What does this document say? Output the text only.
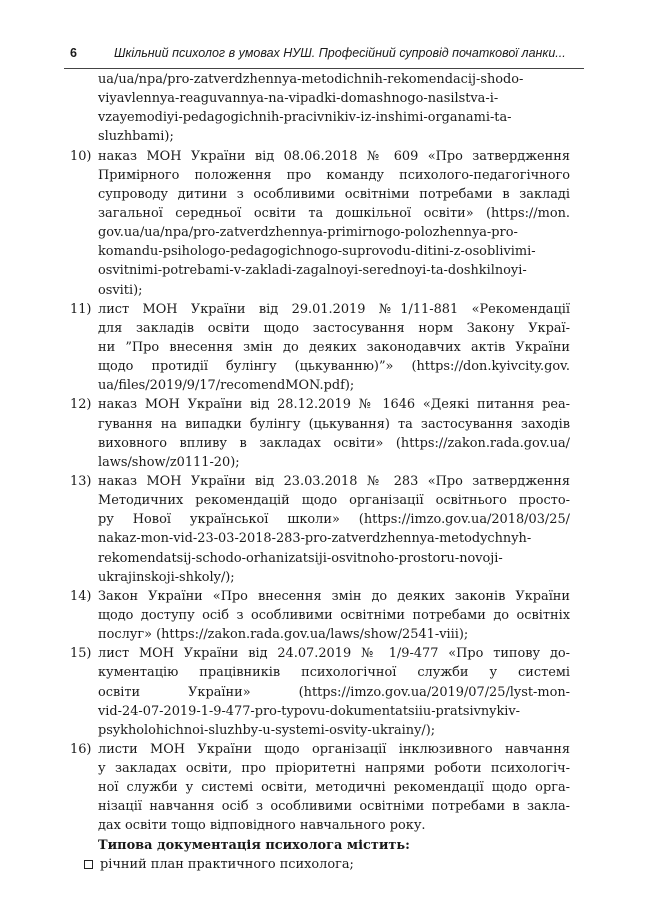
6	Шкільний психолог в умовах НУШ. Професійний супровід початкової ланки...
ua/ua/npa/pro-zatverdzhennya-metodichnih-rekomendacij-shodo-
viyavlennya-reaguvannya-na-vipadki-domashnogo-nasilstva-i-
vzayemodiyi-pedagogichnih-pracivnikiv-iz-inshimi-organami-ta-
sluzhbami);
10) наказ МОН України від 08.06.2018 № 609 «Про затвердження
Примірного положення про команду психолого-педагогічного
супроводу дитини з особливими освітніми потребами в закладі
загальної середньої освіти та дошкільної освіти» (https://mon.
gov.ua/ua/npa/pro-zatverdzhennya-primirnogo-polozhennya-pro-
komandu-psihologo-pedagogichnogo-suprovodu-ditini-z-osoblivimi-
osvitnimi-potrebami-v-zakladi-zagalnoyi-serednoyi-ta-doshkilnoyi-
osviti);
11) лист МОН України від 29.01.2019 №1/11-881 «Рекомендації
для закладів освіти щодо застосування норм Закону Украї-
ни ”Про внесення змін до деяких законодавчих актів України
щодо протидії булінгу (цькуванню)”» (https://don.kyivcity.gov.
ua/files/2019/9/17/recomendMON.pdf);
12) наказ МОН України від 28.12.2019 № 1646 «Деякі питання реа-
гування на випадки булінгу (цькування) та застосування заходів
виховного впливу в закладах освіти» (https://zakon.rada.gov.ua/
laws/show/z0111-20);
13) наказ МОН України від 23.03.2018 № 283 «Про затвердження
Методичних рекомендацій щодо організації освітнього просто-
ру Нової української школи» (https://imzo.gov.ua/2018/03/25/
nakaz-mon-vid-23-03-2018-283-pro-zatverdzhennya-metodychnyh-
rekomendatsij-schodo-orhanizatsiji-osvitnoho-prostoru-novoji-
ukrajinskoji-shkoly/);
14) Закон України «Про внесення змін до деяких законів України
щодо доступу осіб з особливими освітніми потребами до освітніх
послуг» (https://zakon.rada.gov.ua/laws/show/2541-viii);
15) лист МОН України від 24.07.2019 № 1/9-477 «Про типову до-
кументацію працівників психологічної служби у системі
освіти України» (https://imzo.gov.ua/2019/07/25/lyst-mon-
vid-24-07-2019-1-9-477-pro-typovu-dokumentatsiiu-pratsivnykiv-
psykholohichnoi-sluzhby-u-systemi-osvity-ukrainy/);
16) листи МОН України щодо організації інклюзивного навчання
у закладах освіти, про пріоритетні напрями роботи психологіч-
ної служби у системі освіти, методичні рекомендації щодо орга-
нізації навчання осіб з особливими освітніми потребами в закла-
дах освіти тощо відповідного навчального року.
Типова документація психолога містить:
річний план практичного психолога;
